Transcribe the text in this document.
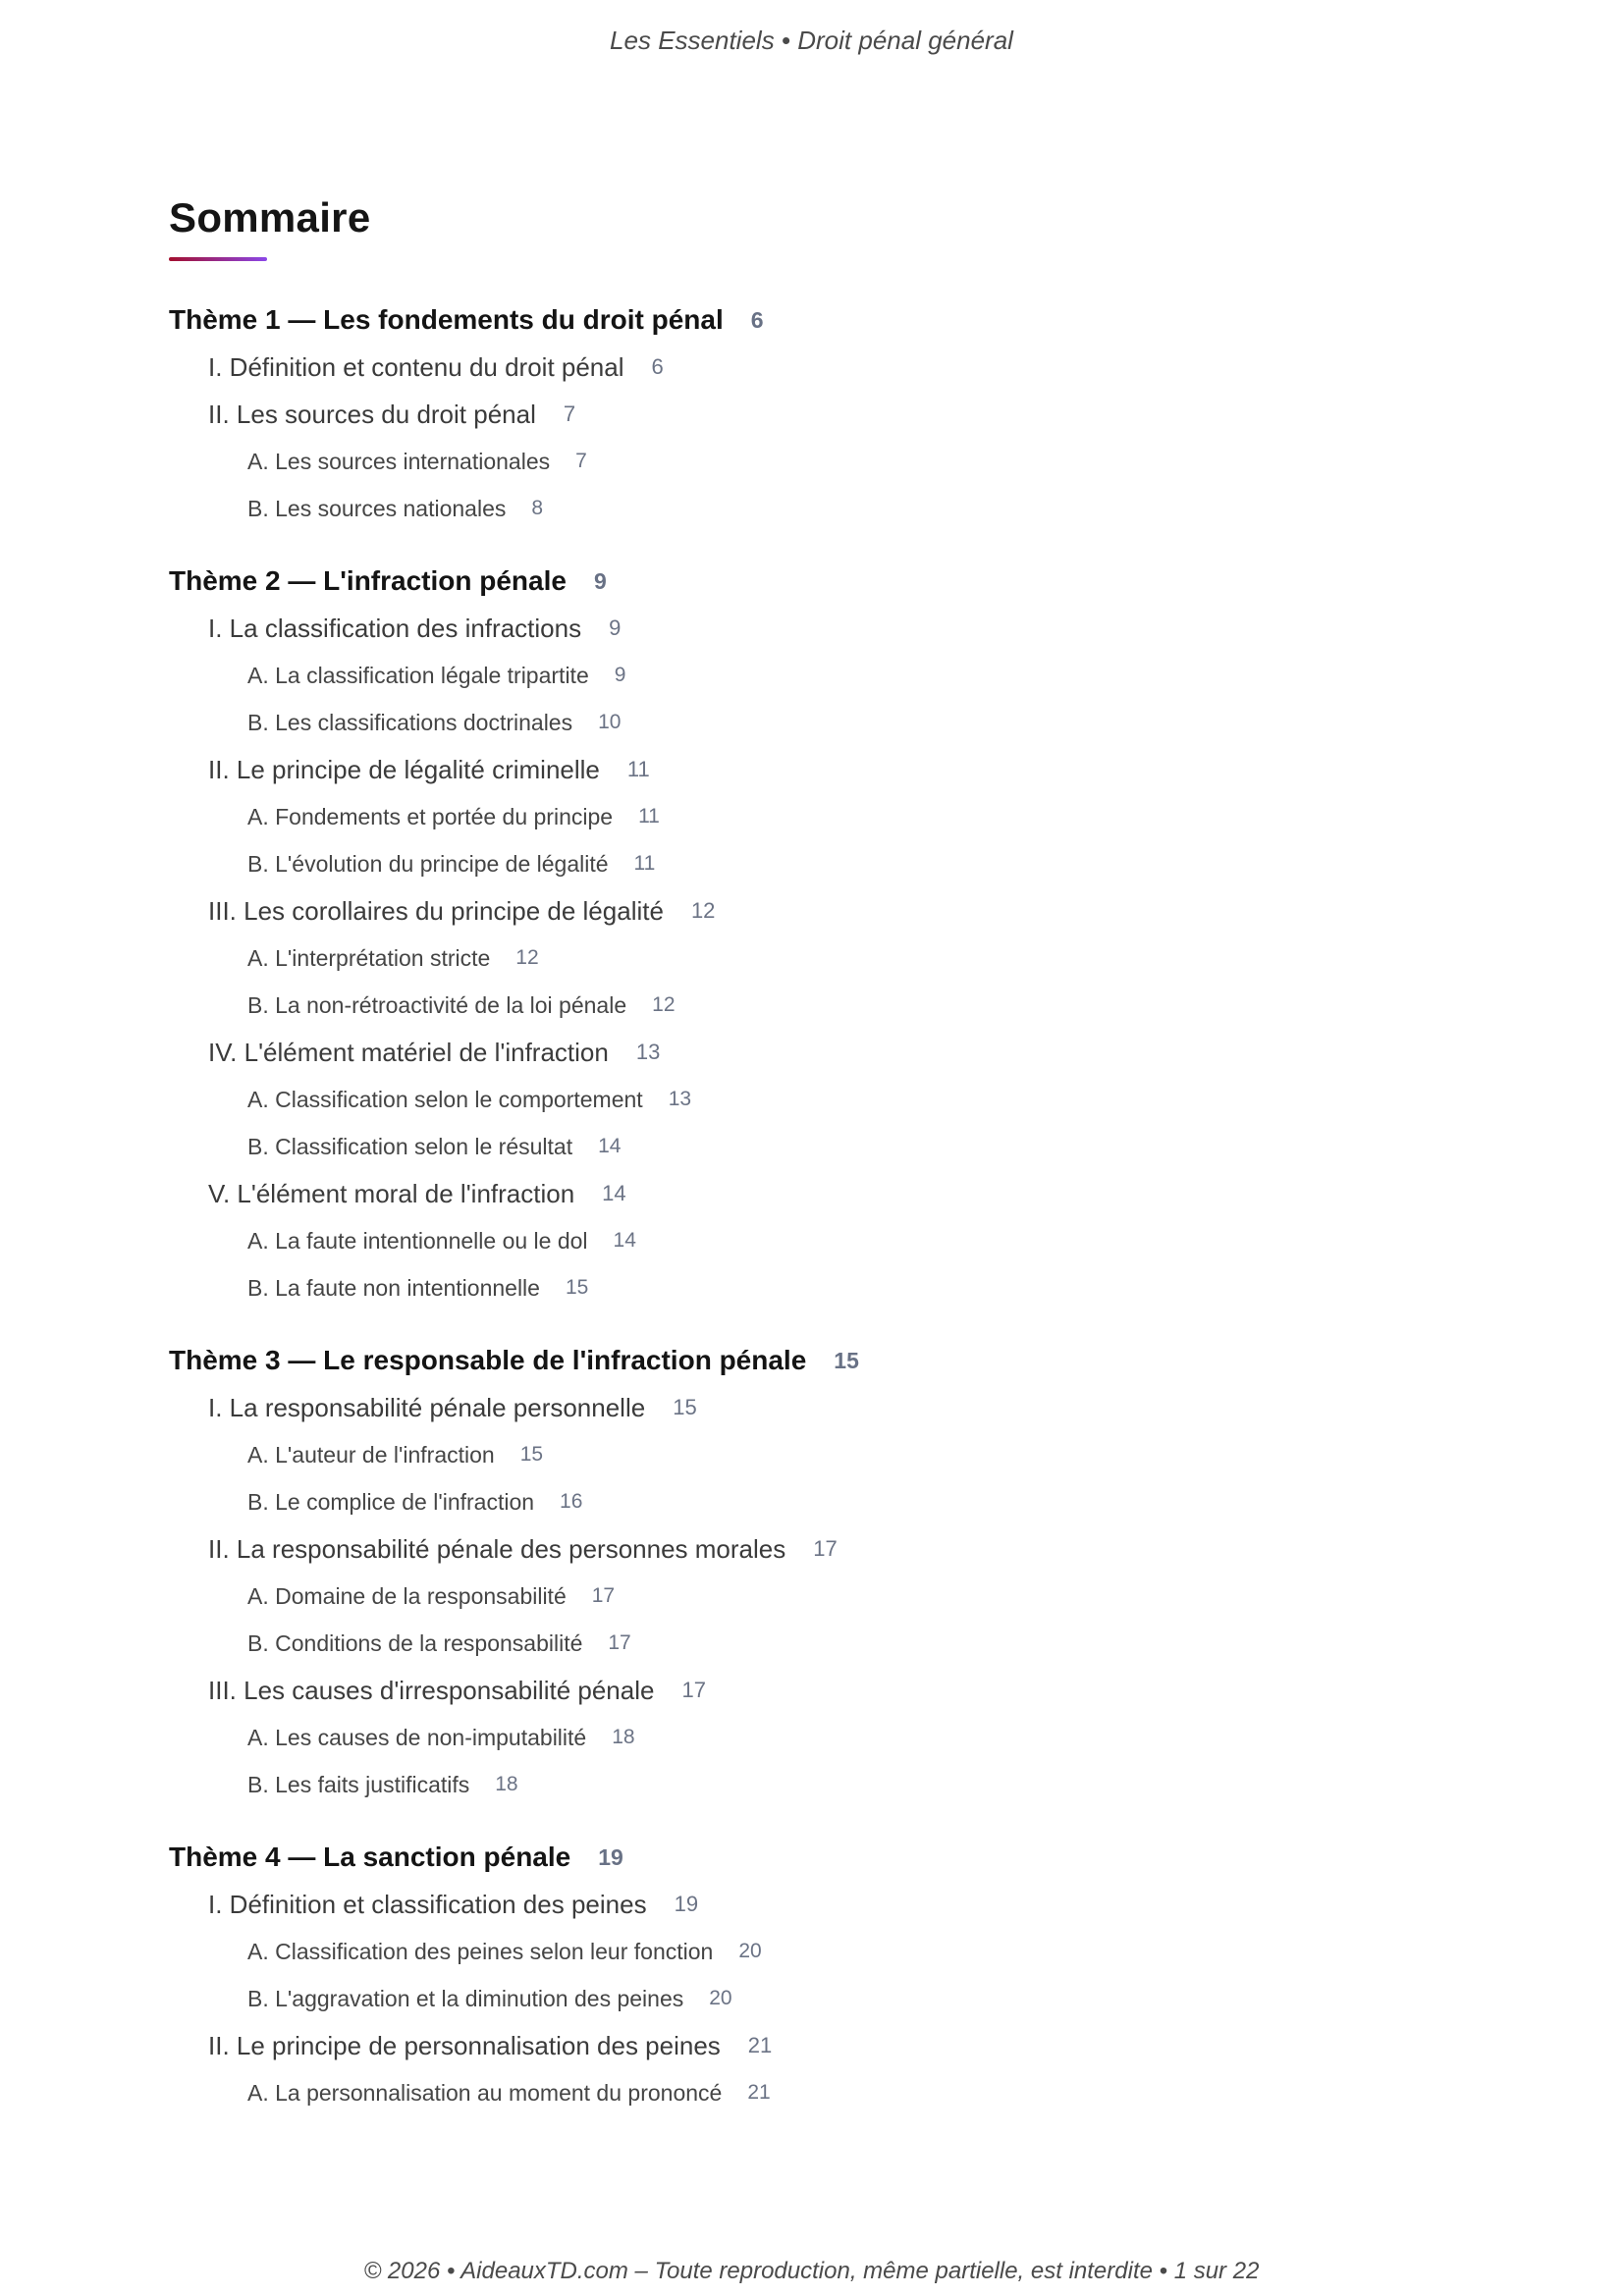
Les Essentiels • Droit pénal général
Sommaire
Thème 1 — Les fondements du droit pénal 6
I. Définition et contenu du droit pénal 6
II. Les sources du droit pénal 7
A. Les sources internationales 7
B. Les sources nationales 8
Thème 2 — L'infraction pénale 9
I. La classification des infractions 9
A. La classification légale tripartite 9
B. Les classifications doctrinales 10
II. Le principe de légalité criminelle 11
A. Fondements et portée du principe 11
B. L'évolution du principe de légalité 11
III. Les corollaires du principe de légalité 12
A. L'interprétation stricte 12
B. La non-rétroactivité de la loi pénale 12
IV. L'élément matériel de l'infraction 13
A. Classification selon le comportement 13
B. Classification selon le résultat 14
V. L'élément moral de l'infraction 14
A. La faute intentionnelle ou le dol 14
B. La faute non intentionnelle 15
Thème 3 — Le responsable de l'infraction pénale 15
I. La responsabilité pénale personnelle 15
A. L'auteur de l'infraction 15
B. Le complice de l'infraction 16
II. La responsabilité pénale des personnes morales 17
A. Domaine de la responsabilité 17
B. Conditions de la responsabilité 17
III. Les causes d'irresponsabilité pénale 17
A. Les causes de non-imputabilité 18
B. Les faits justificatifs 18
Thème 4 — La sanction pénale 19
I. Définition et classification des peines 19
A. Classification des peines selon leur fonction 20
B. L'aggravation et la diminution des peines 20
II. Le principe de personnalisation des peines 21
A. La personnalisation au moment du prononcé 21
© 2026 • AideauxTD.com – Toute reproduction, même partielle, est interdite • 1 sur 22
